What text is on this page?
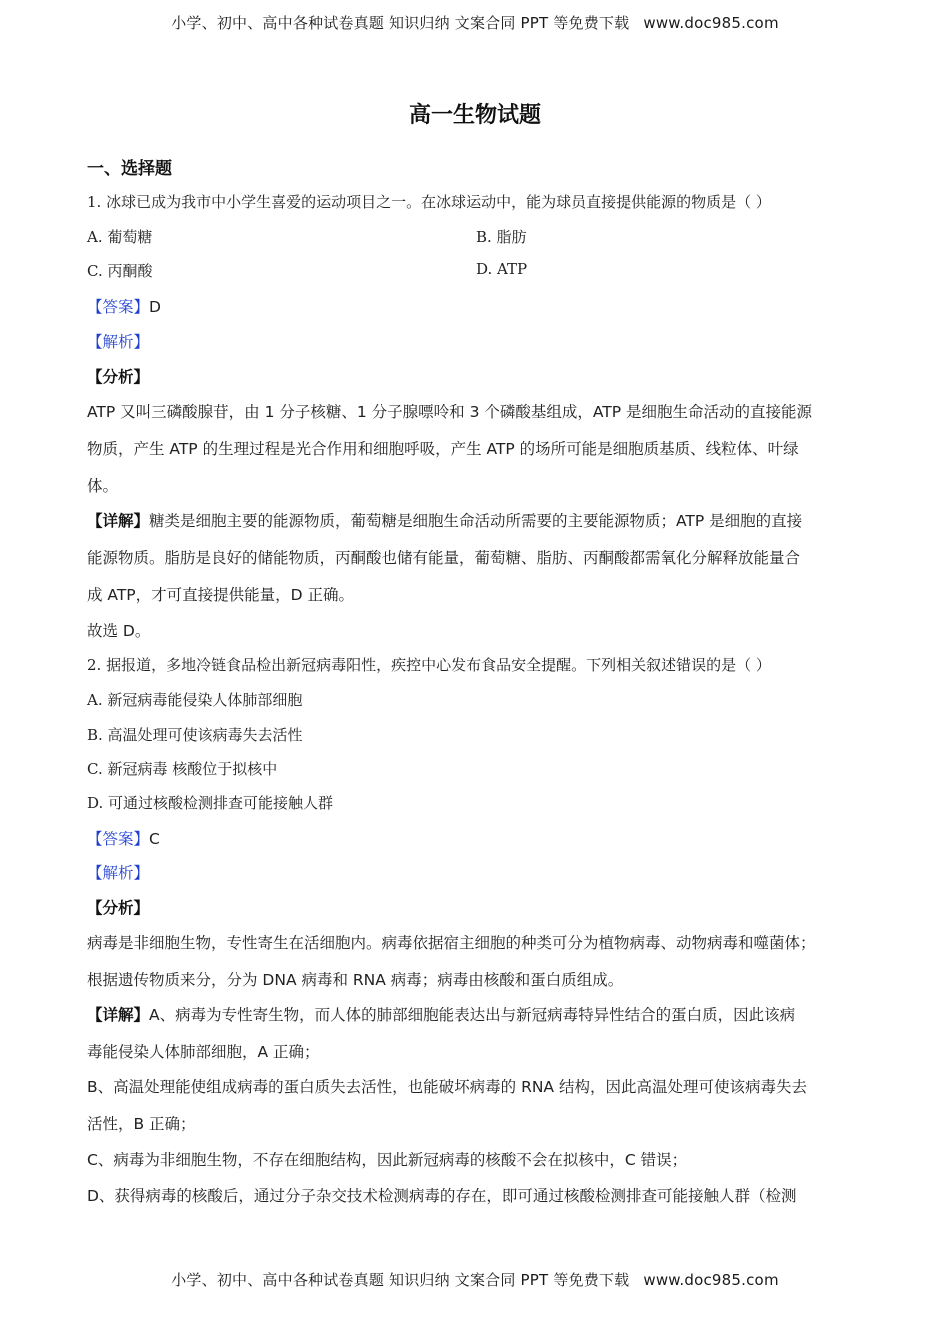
小学、初中、高中各种试卷真题 知识归纳 文案合同 PPT 等免费下载 www.doc985.com
高一生物试题
一、选择题
1. 冰球已成为我市中小学生喜爱的运动项目之一。在冰球运动中，能为球员直接提供能源的物质是（ ）
A. 葡萄糖	B. 脂肪
C. 丙酮酸	D. ATP
【答案】D
【解析】
【分析】
ATP 又叫三磷酸腺苷，由 1 分子核糖、1 分子腺嘌呤和 3 个磷酸基组成，ATP 是细胞生命活动的直接能源
物质，产生 ATP 的生理过程是光合作用和细胞呼吸，产生 ATP 的场所可能是细胞质基质、线粒体、叶绿
体。
【详解】糖类是细胞主要的能源物质，葡萄糖是细胞生命活动所需要的主要能源物质；ATP 是细胞的直接
能源物质。脂肪是良好的储能物质，丙酮酸也储有能量，葡萄糖、脂肪、丙酮酸都需氧化分解释放能量合
成 ATP，才可直接提供能量，D 正确。
故选 D。
2. 据报道，多地冷链食品检出新冠病毒阳性，疾控中心发布食品安全提醒。下列相关叙述错误的是（ ）
A. 新冠病毒能侵染人体肺部细胞
B. 高温处理可使该病毒失去活性
C. 新冠病毒 核酸位于拟核中
D. 可通过核酸检测排查可能接触人群
【答案】C
【解析】
【分析】
病毒是非细胞生物，专性寄生在活细胞内。病毒依据宿主细胞的种类可分为植物病毒、动物病毒和噬菌体；
根据遗传物质来分，分为 DNA 病毒和 RNA 病毒；病毒由核酸和蛋白质组成。
【详解】A、病毒为专性寄生物，而人体的肺部细胞能表达出与新冠病毒特异性结合的蛋白质，因此该病
毒能侵染人体肺部细胞，A 正确；
B、高温处理能使组成病毒的蛋白质失去活性，也能破坏病毒的 RNA 结构，因此高温处理可使该病毒失去
活性，B 正确；
C、病毒为非细胞生物，不存在细胞结构，因此新冠病毒的核酸不会在拟核中，C 错误；
D、获得病毒的核酸后，通过分子杂交技术检测病毒的存在，即可通过核酸检测排查可能接触人群（检测
小学、初中、高中各种试卷真题 知识归纳 文案合同 PPT 等免费下载 www.doc985.com
